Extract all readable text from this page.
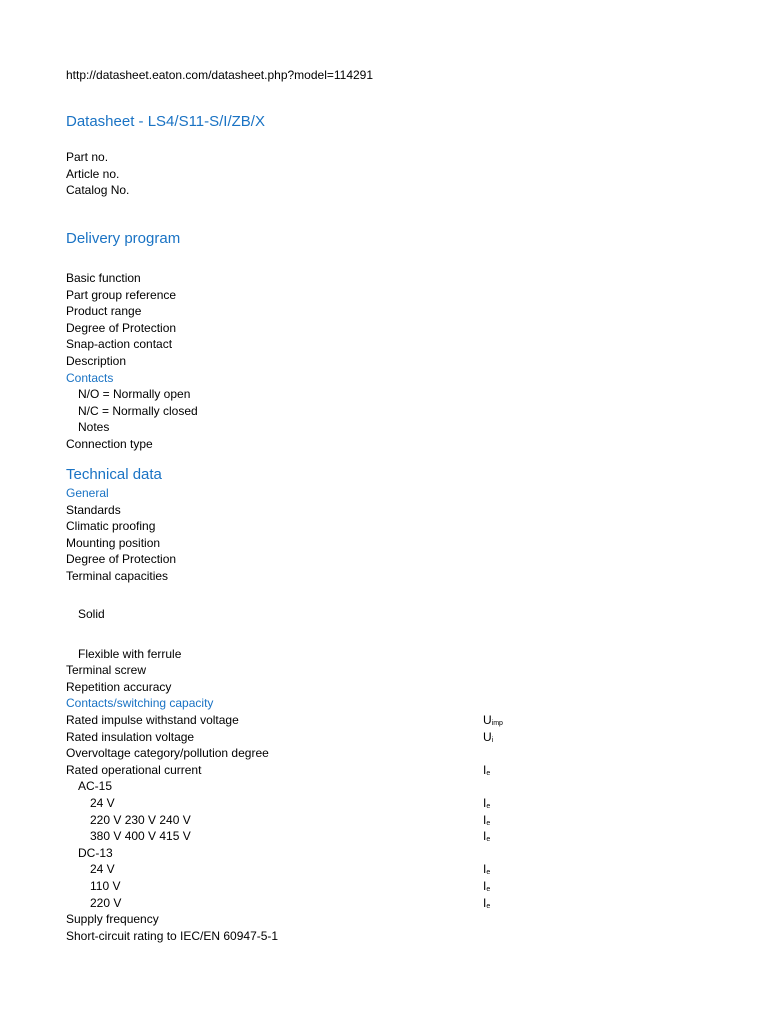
http://datasheet.eaton.com/datasheet.php?model=114291
Datasheet - LS4/S11-S/I/ZB/X
Part no.
Article no.
Catalog No.
Delivery program
Basic function
Part group reference
Product range
Degree of Protection
Snap-action contact
Description
Contacts
N/O = Normally open
N/C = Normally closed
Notes
Connection type
Technical data
General
Standards
Climatic proofing
Mounting position
Degree of Protection
Terminal capacities
Solid
Flexible with ferrule
Terminal screw
Repetition accuracy
Contacts/switching capacity
Rated impulse withstand voltage	$U_{imp}$
Rated insulation voltage	$U_i$
Overvoltage category/pollution degree
Rated operational current	$I_e$
AC-15
24 V	$I_e$
220 V 230 V 240 V	$I_e$
380 V 400 V 415 V	$I_e$
DC-13
24 V	$I_e$
110 V	$I_e$
220 V	$I_e$
Supply frequency
Short-circuit rating to IEC/EN 60947-5-1
